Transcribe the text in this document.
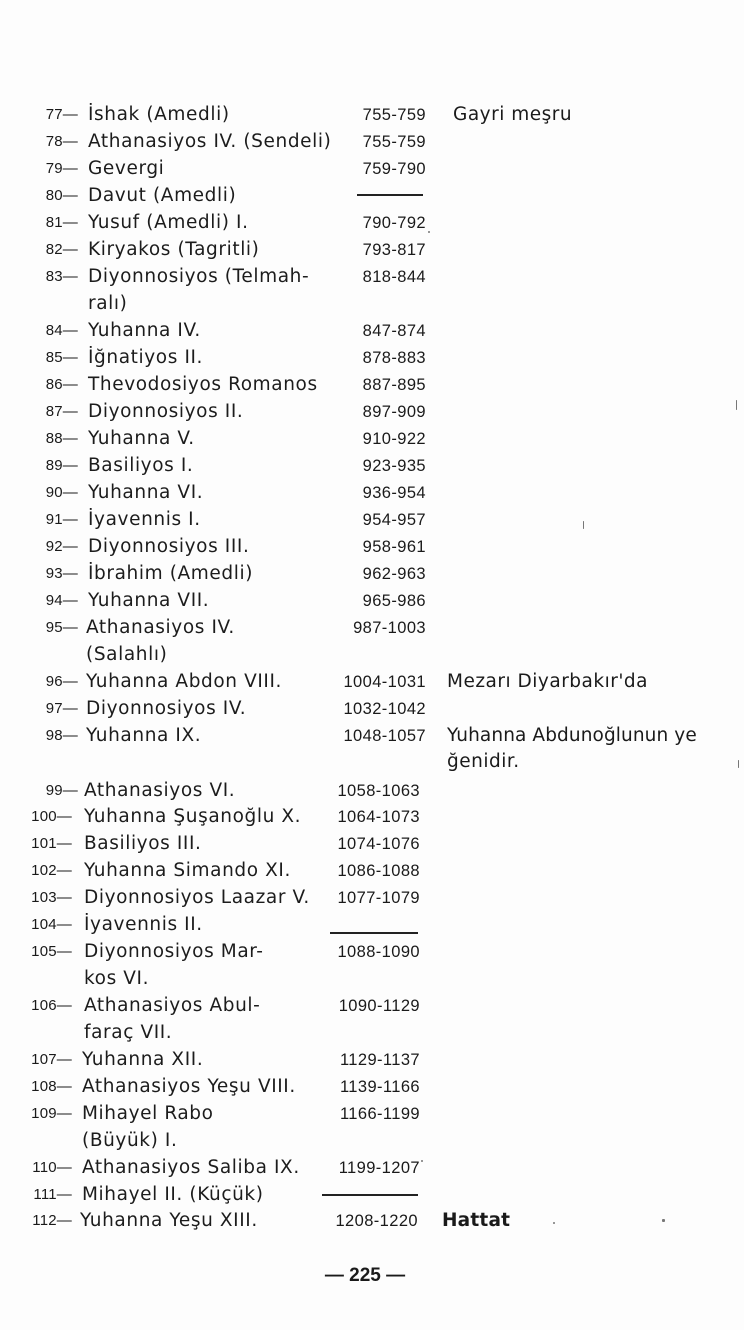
77— İshak (Amedli)	755-759 Gayri meşru
78— Athanasiyos IV. (Sendeli)	755-759
79— Gevergi	759-790
80— Davut (Amedli)
81— Yusuf (Amedli) I.	790-792
82— Kiryakos (Tagritli)	793-817
83— Diyonnosiyos (Telmah-
ralı)
818-844
84— Yuhanna IV.	847-874
85— İğnatiyos II.	878-883
86— Thevodosiyos Romanos	887-895
87— Diyonnosiyos II.	897-909
88— Yuhanna V.	910-922
89— Basiliyos I.	923-935
90— Yuhanna VI.	936-954
91— İyavennis I.	954-957
92— Diyonnosiyos III.	958-961
93— İbrahim (Amedli)	962-963
94— Yuhanna VII.	965-986
95— Athanasiyos IV.
(Salahlı)
987-1003
96— Yuhanna Abdon VIII.	1004-1031 Mezarı Diyarbakır'da
97— Diyonnosiyos IV.	1032-1042
98— Yuhanna IX.	1048-1057 Yuhanna Abdunoğlunun ye
ğenidir.
99— Athanasiyos VI.	1058-1063
100— Yuhanna Şuşanoğlu X.	1064-1073
101— Basiliyos III.	1074-1076
102— Yuhanna Simando XI.	1086-1088
103— Diyonnosiyos Laazar V.	1077-1079
104— İyavennis II.
105— Diyonnosiyos Mar-
kos VI.
1088-1090
106— Athanasiyos Abul-
faraç VII.
1090-1129
107— Yuhanna XII.	1129-1137
108— Athanasiyos Yeşu VIII.	1139-1166
109— Mihayel Rabo
(Büyük) I.
1166-1199
110— Athanasiyos Saliba IX.	1199-1207
111— Mihayel II. (Küçük)
112— Yuhanna Yeşu XIII.	1208-1220 Hattat
— 225 —
